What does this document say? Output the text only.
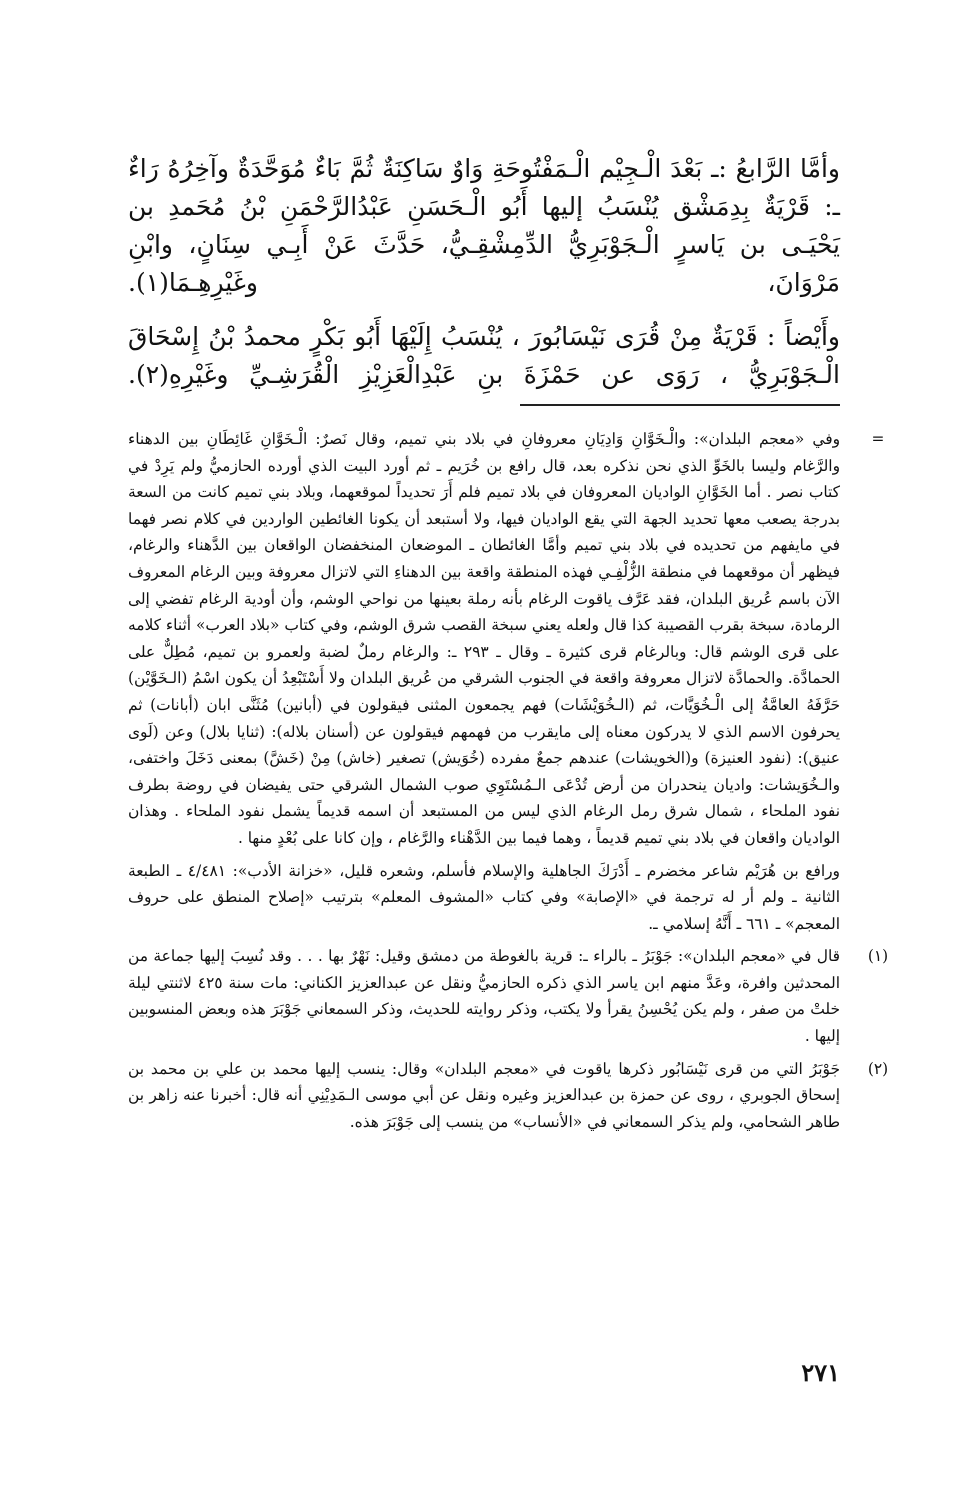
وأمَّا الرَّابعُ :ـ بَعْدَ الْـجِيْم الْـمَفْتُوحَةِ وَاوٌ سَاكِنَةٌ ثُمَّ بَاءٌ مُوَحَّدَةٌ وآخِرُهُ رَاءٌ ـ: قَرْيَةٌ بِدِمَشْق يُنْسَبُ إليها أَبُو الْـحَسَنِ عَبْدُالرَّحْمَنِ بْنُ مُحَمدِ بن يَحْيَـى بن يَاسرٍ الْـجَوْبَرِيُّ الدِّمِشْقِـيُّ، حَدَّثَ عَنْ أَبِـي سِنَانٍ، وابْنِ مَرْوَانَ، وغَيْرِهِـمَا(١).

وأَيْضاً : قَرْيَةٌ مِنْ قُرَى نَيْسَابُورَ ، يُنْسَبُ إِلَيْهَا أَبُو بَكْرٍ محمدُ بْنُ إِسْحَاقَ الْـجَوْبَرِيُّ ، رَوَى عن حَمْزَةَ بنِ عَبْدِالْعَزِيْزِ الْقُرَشِـيِّ وغَيْرِهِ(٢).

=
وفي «معجم البلدان»: والْـخَوَّانِ وَادِيَانِ معروفانِ في بلاد بني تميم، وقال نَصرٌ: الْـخَوَّانِ غَائِطَانِ بين الدهناء والرَّغام وليسا بالخَوِّ الذي نحن نذكره بعد، قال رافع بن خُرَيم ـ ثم أورد البيت الذي أورده الحازميُّ ولم يَرِدْ في كتاب نصر . أما الخَوَّانِ الواديان المعروفان في بلاد تميم فلم أَرَ تحديداً لموقعهما، وبلاد بني تميم كانت من السعة بدرجة يصعب معها تحديد الجهة التي يقع الواديان فيها، ولا أستبعد أن يكونا الغائطين الواردين في كلام نصر فهما في مايفهم من تحديده في بلاد بني تميم وأمَّا الغائطان ـ الموضعان المنخفضان الواقعان بين الدَّهناء والرغام، فيظهر أن موقعهما في منطقة الزُّلْفِـي فهذه المنطقة واقعة بين الدهناءِ التي لاتزال معروفة وبين الرغام المعروف الآن باسم عُريق البلدان، فقد عَرَّف ياقوت الرغام بأنه رملة بعينها من نواحي الوشم، وأن أودية الرغام تفضي إلى الرمادة، سبخة بقرب القصيبة كذا قال ولعله يعني سبخة القصب شرق الوشم، وفي كتاب «بلاد العرب» أثناء كلامه على قرى الوشم قال: وبالرغام قرى كثيرة ـ وقال ـ ٢٩٣ ـ: والرغام رملٌ لضبة ولعمرو بن تميم، مُطِلٌّ على الحمادَّة. والحمادَّة لاتزال معروفة واقعة في الجنوب الشرقي من عُريق البلدان ولا أَسْتَبْعِدُ أن يكون اسْمُ (الـخَوَّيْن) حَرَّفَهُ العامَّةُ إلى الْـخُوَيَّات، ثم (الـخُوَيْشَات) فهم يجمعون المثنى فيقولون في (أبانين) مُثَنَّى ابان (أبانات) ثم يحرفون الاسم الذي لا يدركون معناه إلى مايقرب من فهمهم فيقولون عن (أسنان بلاله): (ثنايا بلال) وعن (لَوى عنيق): (نفود العنيزة) و(الخويشات) عندهم جمعٌ مفرده (خُوَيش) تصغير (خاش) مِنْ (خَشَّ) بمعنى دَخَلَ واختفى، والـخُوَيشات: واديان ينحدران من أرض تُدْعَى الـمُسْتَوِي صوب الشمال الشرقي حتى يفيضان في روضة بطرف نفود الملحاء ، شمال شرق رمل الرغام الذي ليس من المستبعد أن اسمه قديماً يشمل نفود الملحاء . وهذان الواديان واقعان في بلاد بني تميم قديماً ، وهما فيما بين الدَّهْناء والرَّغام ، وإن كانا على بُعْدٍ منها .
ورافع بن هُرَيْم شاعر مخضرم ـ أَدْرَكَ الجاهلية والإسلام فأسلم، وشعره قليل، «خزانة الأدب»: ٤/٤٨١ ـ الطبعة الثانية ـ ولم أر له ترجمة في «الإصابة» وفي كتاب «المشوف المعلم» بترتيب «إصلاح المنطق على حروف المعجم» ـ ٦٦١ ـ أَنَّهُ إسلامي ـ.
(١)
قال في «معجم البلدان»: جَوْبَرُ ـ بالراء ـ: قرية بالغوطة من دمشق وقيل: نَهْرٌ بها . . . وقد نُسِبَ إليها جماعة من المحدثين وافرة، وعَدَّ منهم ابن ياسر الذي ذكره الحازميُّ ونقل عن عبدالعزيز الكناني: مات سنة ٤٢٥ لاثنتي ليلة خلتْ من صفر ، ولم يكن يُحْسِنُ يقرأ ولا يكتب، وذكر روايته للحديث، وذكر السمعاني جَوْبَرَ هذه وبعض المنسوبين إليها .
(٢)
جَوْبَرُ التي من قرى نَيْسَابُور ذكرها ياقوت في «معجم البلدان» وقال: ينسب إليها محمد بن علي بن محمد بن إسحاق الجوبري ، روى عن حمزة بن عبدالعزيز وغيره ونقل عن أبي موسى الـمَدِيْنِي أنه قال: أخبرنا عنه زاهر بن طاهر الشحامي، ولم يذكر السمعاني في «الأنساب» من ينسب إلى جَوْبَرَ هذه.
٢٧١
